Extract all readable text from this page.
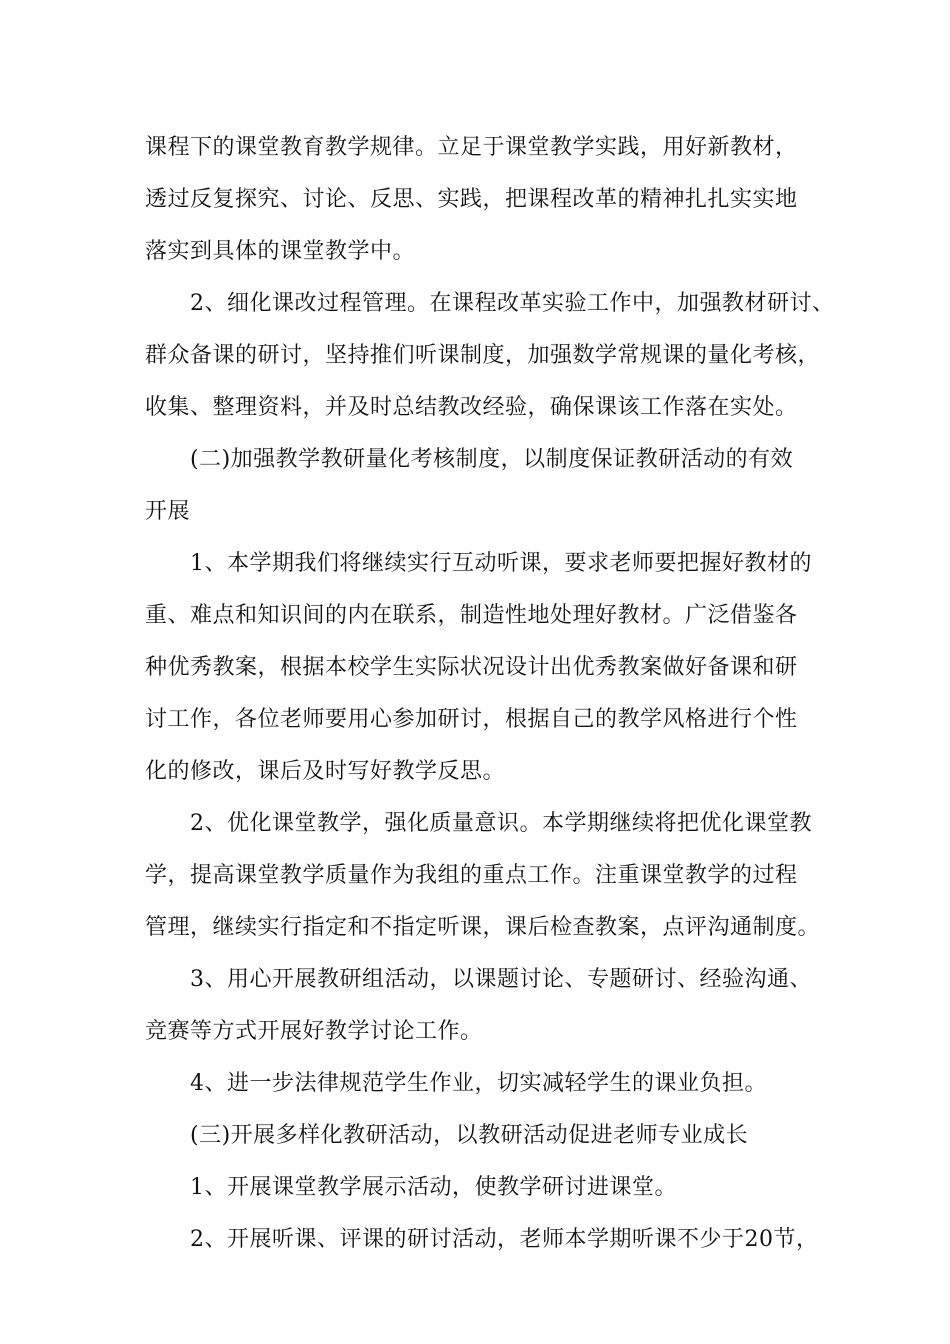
课程下的课堂教育教学规律。立足于课堂教学实践，用好新教材，
透过反复探究、讨论、反思、实践，把课程改革的精神扎扎实实地
落实到具体的课堂教学中。
2、细化课改过程管理。在课程改革实验工作中，加强教材研讨、
群众备课的研讨，坚持推们听课制度，加强数学常规课的量化考核，
收集、整理资料，并及时总结教改经验，确保课该工作落在实处。
(二)加强教学教研量化考核制度，以制度保证教研活动的有效
开展
1、本学期我们将继续实行互动听课，要求老师要把握好教材的
重、难点和知识间的内在联系，制造性地处理好教材。广泛借鉴各
种优秀教案，根据本校学生实际状况设计出优秀教案做好备课和研
讨工作，各位老师要用心参加研讨，根据自己的教学风格进行个性
化的修改，课后及时写好教学反思。
2、优化课堂教学，强化质量意识。本学期继续将把优化课堂教
学，提高课堂教学质量作为我组的重点工作。注重课堂教学的过程
管理，继续实行指定和不指定听课，课后检查教案，点评沟通制度。
3、用心开展教研组活动，以课题讨论、专题研讨、经验沟通、
竞赛等方式开展好教学讨论工作。
4、进一步法律规范学生作业，切实减轻学生的课业负担。
(三)开展多样化教研活动，以教研活动促进老师专业成长
1、开展课堂教学展示活动，使教学研讨进课堂。
2、开展听课、评课的研讨活动，老师本学期听课不少于20节，
